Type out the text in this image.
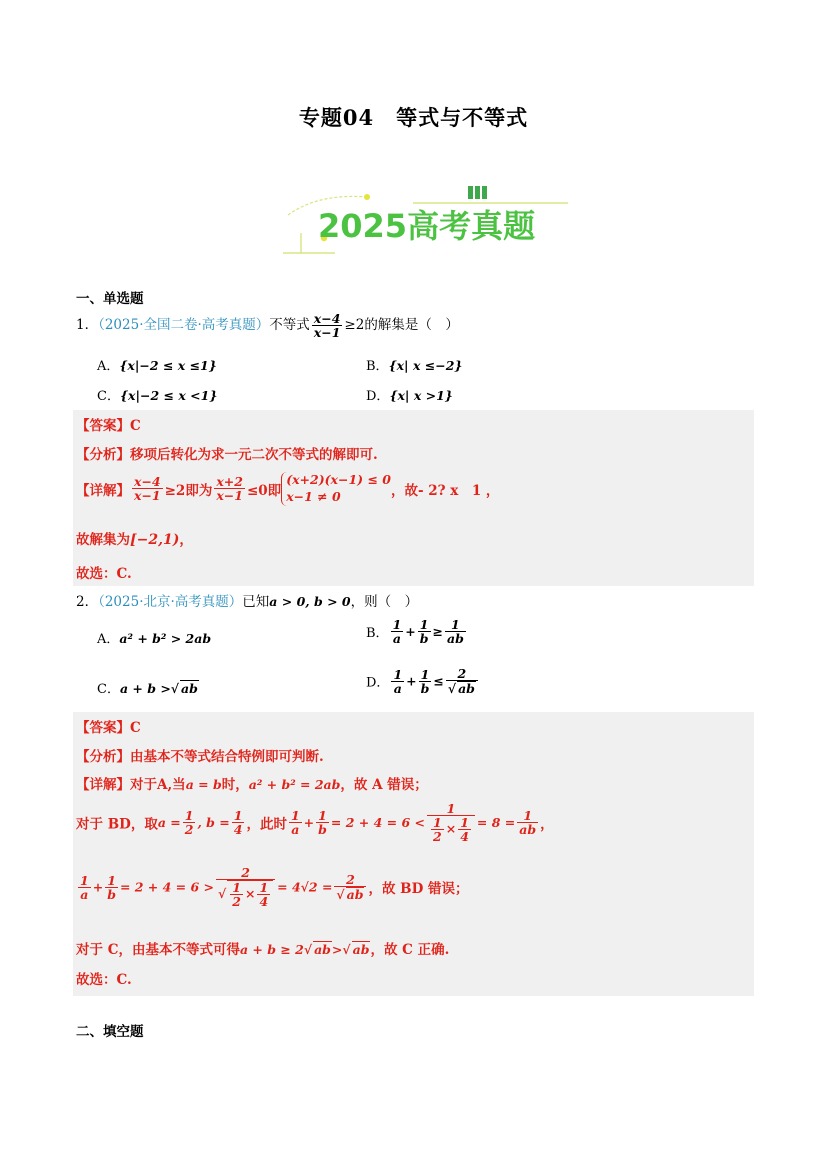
专题04　等式与不等式
2025高考真题
一、单选题
1．（2025·全国二卷·高考真题）不等式 $\frac{x-4}{x-1} \ge 2$的解集是（　）
A．{x|−2 ≤ x ≤1}	B．{x| x ≤−2}
C．{x|−2 ≤ x <1}	D．{x| x >1}
【答案】C
【分析】移项后转化为求一元二次不等式的解即可.
【详解】 $\frac{x-4}{x-1} \ge 2$即为 $\frac{x+2}{x-1} \le 0$即
(x+2)(x−1) ≤ 0
x−1 ≠ 0	，故- 2? x　1 ，
故解集为[−2,1)，
故选：C.
2．（2025·北京·高考真题）已知a > 0, b > 0，则（　）
A．a² + b² > 2ab	B． $\frac{1}{a} + \frac{1}{b} \ge \frac{1}{ab}$
C．a + b >√ ab	D． $\frac{1}{a} + \frac{1}{b} \le \frac{2}{√ ab}$
【答案】C
【分析】由基本不等式结合特例即可判断.
【详解】对于A,当a = b时，a² + b² = 2ab，故 A 错误；
对于 BD，取$a = \frac{1}{2}$ , $b = \frac{1}{4}$ ，此时 $\frac{1}{a} + \frac{1}{b} = 2 + 4 = 6 < \frac{1}{\frac{1}{2} \times \frac{1}{4}} = 8 = \frac{1}{ab}$ ，
$\frac{1}{a} + \frac{1}{b} = 2 + 4 = 6 > \frac{2}{√ \frac{1}{2} \times \frac{1}{4}} = 4√2 = \frac{2}{√ ab}$ ，故 BD 错误；
对于 C，由基本不等式可得a + b ≥ 2√ ab>√ ab，故 C 正确.
故选：C.
二、填空题
